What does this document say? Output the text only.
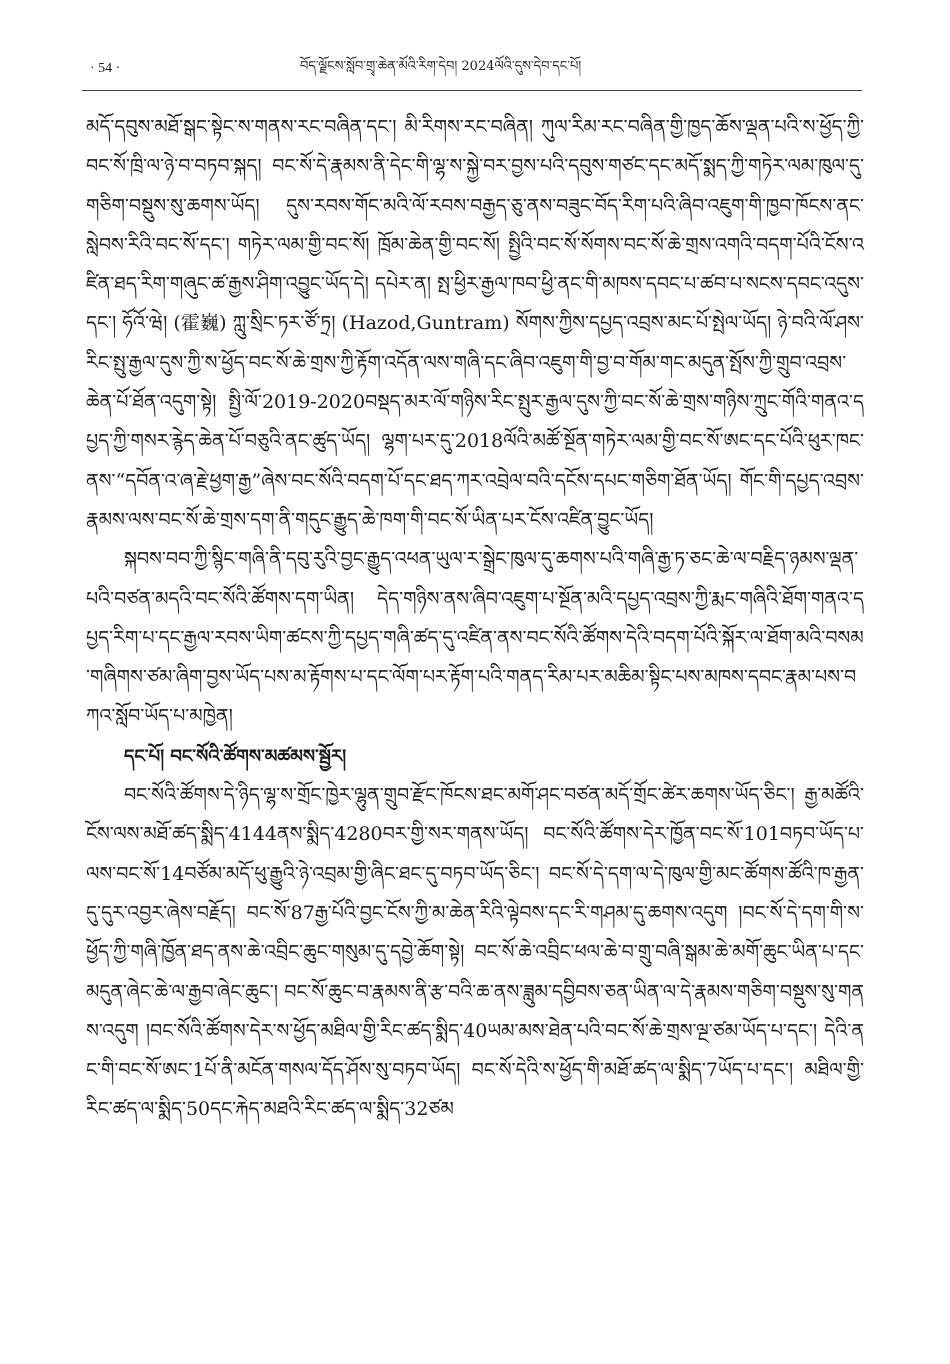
· 54 ·	བོད་ལྗོངས་སློབ་གྲྭ་ཆེན་མོའི་རིག་དེབ། 2024ལོའི་དུས་དེབ་དང་པོ།

མདོ་དབུས་མཐོ་སྒང་སྟེང་ས་གནས་རང་བཞིན་དང་། མི་རིགས་རང་བཞིན། ཀུལ་རིམ་རང་བཞིན་གྱི་ཁྱད་ཆོས་ལྡན་པའི་ས་ཕྱོད་ཀྱི་བང་སོ་ཁྲི་ལ་ཉེ་བ་བཏབ་སྐད། བང་སོ་དེ་རྣམས་ནི་དེང་གི་ལྷ་ས་སྐྱེ་བར་བྱས་པའི་དབུས་གཙང་དང་མདོ་སྨད་ཀྱི་གཏེར་ལམ་ཁུལ་དུ་གཅིག་བསྡུས་སུ་ཆགས་ཡོད། དུས་རབས་གོང་མའི་ལོ་རབས་བརྒྱད་ཅུ་ནས་བཟུང་བོད་རིག་པའི་ཞིབ་འཇུག་གི་ཁྱབ་ཁོངས་ནང་སླེབས་རིའི་བང་སོ་དང་། གཏེར་ལམ་གྱི་བང་སོ། ཁྲོམ་ཆེན་གྱི་བང་སོ། སྤྱིའི་བང་སོ་སོགས་བང་སོ་ཆེ་གྲས་འགའི་བདག་པོའི་ངོས་འཛིན་ཐད་རིག་གཞུང་ཚ་རྒྱས་ཤིག་འབྱུང་ཡོད་དེ། དཔེར་ན། སྤ་ཕྱིར་རྒྱལ་ཁབ་ཕྱི་ནང་གི་མཁས་དབང་པ་ཚབ་པ་སངས་དབང་འདུས་དང་། ཧོའོ་ཝེ། (霍巍) ཀླུ་སྲིང་ཏར་ཙོ་ཏྲ། (Hazod,Guntram) སོགས་ཀྱིས་དཔྱད་འབྲས་མང་པོ་སྤེལ་ཡོད། ཉེ་བའི་ལོ་ཤས་རིང་སྤུ་རྒྱལ་དུས་ཀྱི་ས་ཕྱོད་བང་སོ་ཆེ་གྲས་ཀྱི་རྟོག་འདོན་ལས་གཞི་དང་ཞིབ་འཇུག་གི་བྱ་བ་གོམ་གང་མདུན་སྤོས་ཀྱི་གྲུབ་འབྲས་ཆེན་པོ་ཐོན་འདུག་སྟེ། སྤྱི་ལོ་2019-2020བསྡད་མར་ལོ་གཉིས་རིང་སྤུར་རྒྱལ་དུས་ཀྱི་བང་སོ་ཆེ་གྲས་གཉིས་ཀྲུང་གོའི་གནའ་དཔྱད་ཀྱི་གསར་རྙེད་ཆེན་པོ་བཅུའི་ནང་ཚུད་ཡོད། ལྷག་པར་དུ་2018ལོའི་མཚོ་སྔོན་གཏེར་ལམ་གྱི་བང་སོ་ཨང་དང་པོའི་ཕུར་ཁང་ནས་“དབོན་འ་ཞ་རྗེ་ཕྱག་རྒྱ”ཞེས་བང་སོའི་བདག་པོ་དང་ཐད་ཀར་འབྲེལ་བའི་དངོས་དཔང་གཅིག་ཐོན་ཡོད། གོང་གི་དཔྱད་འབྲས་རྣམས་ལས་བང་སོ་ཆེ་གྲས་དག་ནི་གདུང་རྒྱུད་ཆེ་ཁག་གི་བང་སོ་ཡིན་པར་ངོས་འཛིན་བྱུང་ཡོད།

སྐབས་བབ་ཀྱི་སྙིང་གཞི་ནི་དབུ་རུའི་བྱང་རྒྱུད་འཕན་ཡུལ་ར་སྒྲེང་ཁུལ་དུ་ཆགས་པའི་གཞི་རྒྱ་ཏ་ཅང་ཆེ་ལ་བརྗིད་ཉམས་ལྡན་པའི་བཙན་མདའི་བང་སོའི་ཚོགས་དག་ཡིན། དེད་གཉིས་ནས་ཞིབ་འཇུག་པ་སྔོན་མའི་དཔྱད་འབྲས་ཀྱི་རྨང་གཞིའི་ཐོག་གནའ་དཔྱད་རིག་པ་དང་རྒྱལ་རབས་ཡིག་ཚངས་ཀྱི་དཔྱད་གཞི་ཚད་དུ་འཛིན་ནས་བང་སོའི་ཚོགས་དེའི་བདག་པོའི་སྐོར་ལ་ཐོག་མའི་བསམ་གཞིགས་ཙམ་ཞིག་བྱས་ཡོད་པས་མ་རྟོགས་པ་དང་ལོག་པར་རྟོག་པའི་གནད་རིམ་པར་མཆིམ་སྟིང་པས་མཁས་དབང་རྣམ་པས་བཀའ་སློབ་ཡོད་པ་མཁྱེན།

དང་པོ། བང་སོའི་ཚོགས་མཚམས་སྦྱོར།

བང་སོའི་ཚོགས་དེ་ཉིད་ལྷ་ས་གྲོང་ཁྱེར་ལྷུན་གྲུབ་རྫོང་ཁོངས་ཐང་མགོ་ཤང་བཙན་མདོ་གྲོང་ཚེར་ཆགས་ཡོད་ཅིང་། རྒྱ་མཚོའི་ངོས་ལས་མཐོ་ཚད་སྨིད་4144ནས་སྨིད་4280བར་གྱི་སར་གནས་ཡོད། བང་སོའི་ཚོགས་དེར་ཁྱོན་བང་སོ་101བཏབ་ཡོད་པ་ལས་བང་སོ་14བཙོམ་མདོ་ཕུ་རྒྱུའི་ཉེ་འབྲམ་གྱི་ཞིང་ཐང་དུ་བཏབ་ཡོད་ཅིང་། བང་སོ་དེ་དག་ལ་དེ་ཁུལ་གྱི་མང་ཚོགས་ཚོའི་ཁ་རྒྱན་དུ་དུར་འབྱར་ཞེས་བརྗོད། བང་སོ་87རྒྱ་པོའི་བྱང་ངོས་ཀྱི་མ་ཆེན་རིའི་ལྟེབས་དང་རི་གཤམ་དུ་ཆགས་འདུག །བང་སོ་དེ་དག་གི་ས་ཕྱོད་ཀྱི་གཞི་ཁྱོན་ཐད་ནས་ཆེ་འབྲིང་ཆུང་གསུམ་དུ་དབྱེ་ཆོག་སྟེ། བང་སོ་ཆེ་འབྲིང་ཕལ་ཆེ་བ་གྲུ་བཞི་སྒམ་ཆེ་མགོ་ཆུང་ཡིན་པ་དང་མདུན་ཞེང་ཆེ་ལ་རྒྱབ་ཞེང་ཆུང་། བང་སོ་ཆུང་བ་རྣམས་ནི་རྩ་བའི་ཆ་ནས་ཟླུམ་དབྱིབས་ཅན་ཡིན་ལ་དེ་རྣམས་གཅིག་བསྡུས་སུ་གནས་འདུག །བང་སོའི་ཚོགས་དེར་ས་ཕྱོད་མཐིལ་གྱི་རིང་ཚད་སྨིད་40ཡམ་མས་ཐེན་པའི་བང་སོ་ཆེ་གྲས་ལྔ་ཙམ་ཡོད་པ་དང་། དེའི་ནང་གི་བང་སོ་ཨང་1པོ་ནི་མངོན་གསལ་དོད་ཤོས་སུ་བཏབ་ཡོད། བང་སོ་དེའི་ས་ཕྱོད་གི་མཐོ་ཚད་ལ་སྨིད་7ཡོད་པ་དང་། མཐིལ་གྱི་རིང་ཚད་ལ་སྨིད་50དང་རྐེད་མཐའི་རིང་ཚད་ལ་སྨིད་32ཙམ
